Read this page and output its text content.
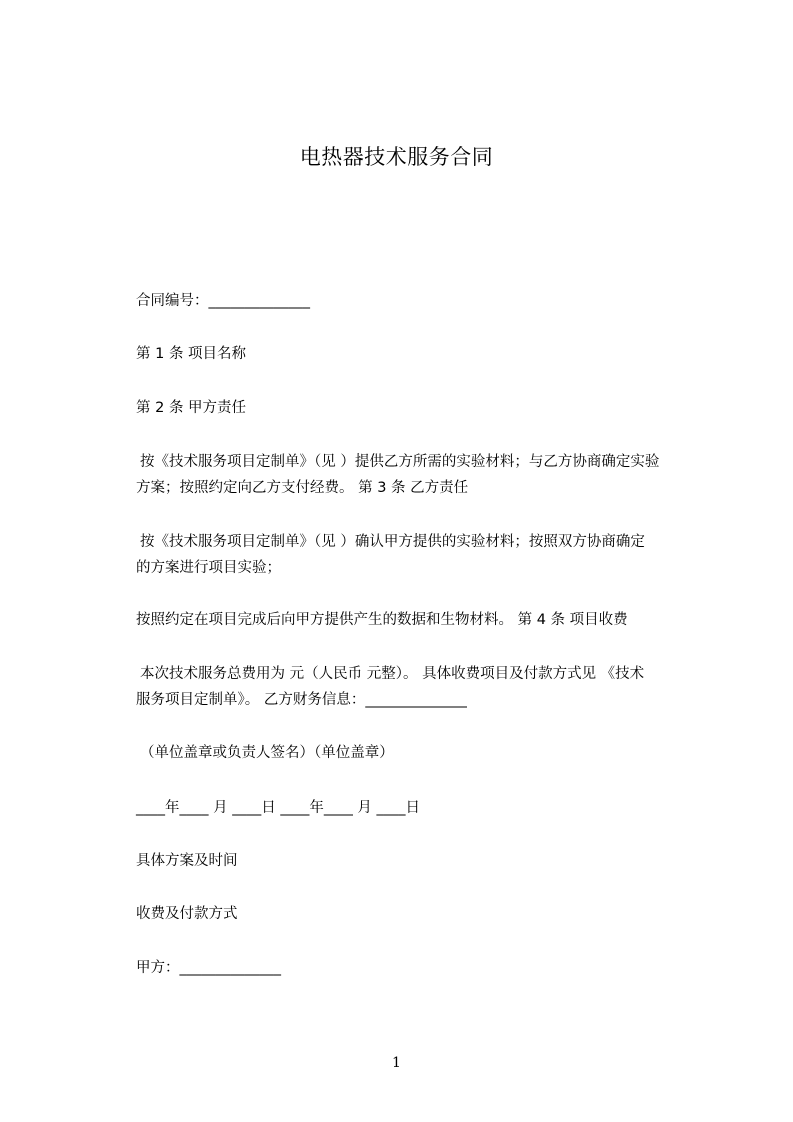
电热器技术服务合同
合同编号：______________
第 1 条 项目名称
第 2 条 甲方责任
按《技术服务项目定制单》（见 ）提供乙方所需的实验材料；与乙方协商确定实验
方案；按照约定向乙方支付经费。 第 3 条 乙方责任
按《技术服务项目定制单》（见 ）确认甲方提供的实验材料；按照双方协商确定
的方案进行项目实验；
按照约定在项目完成后向甲方提供产生的数据和生物材料。 第 4 条 项目收费
本次技术服务总费用为 元（人民币 元整）。 具体收费项目及付款方式见 《技术
服务项目定制单》。 乙方财务信息：______________
（单位盖章或负责人签名）（单位盖章）
____年____ 月 ____日 ____年____ 月 ____日
具体方案及时间
收费及付款方式
甲方：______________
1
